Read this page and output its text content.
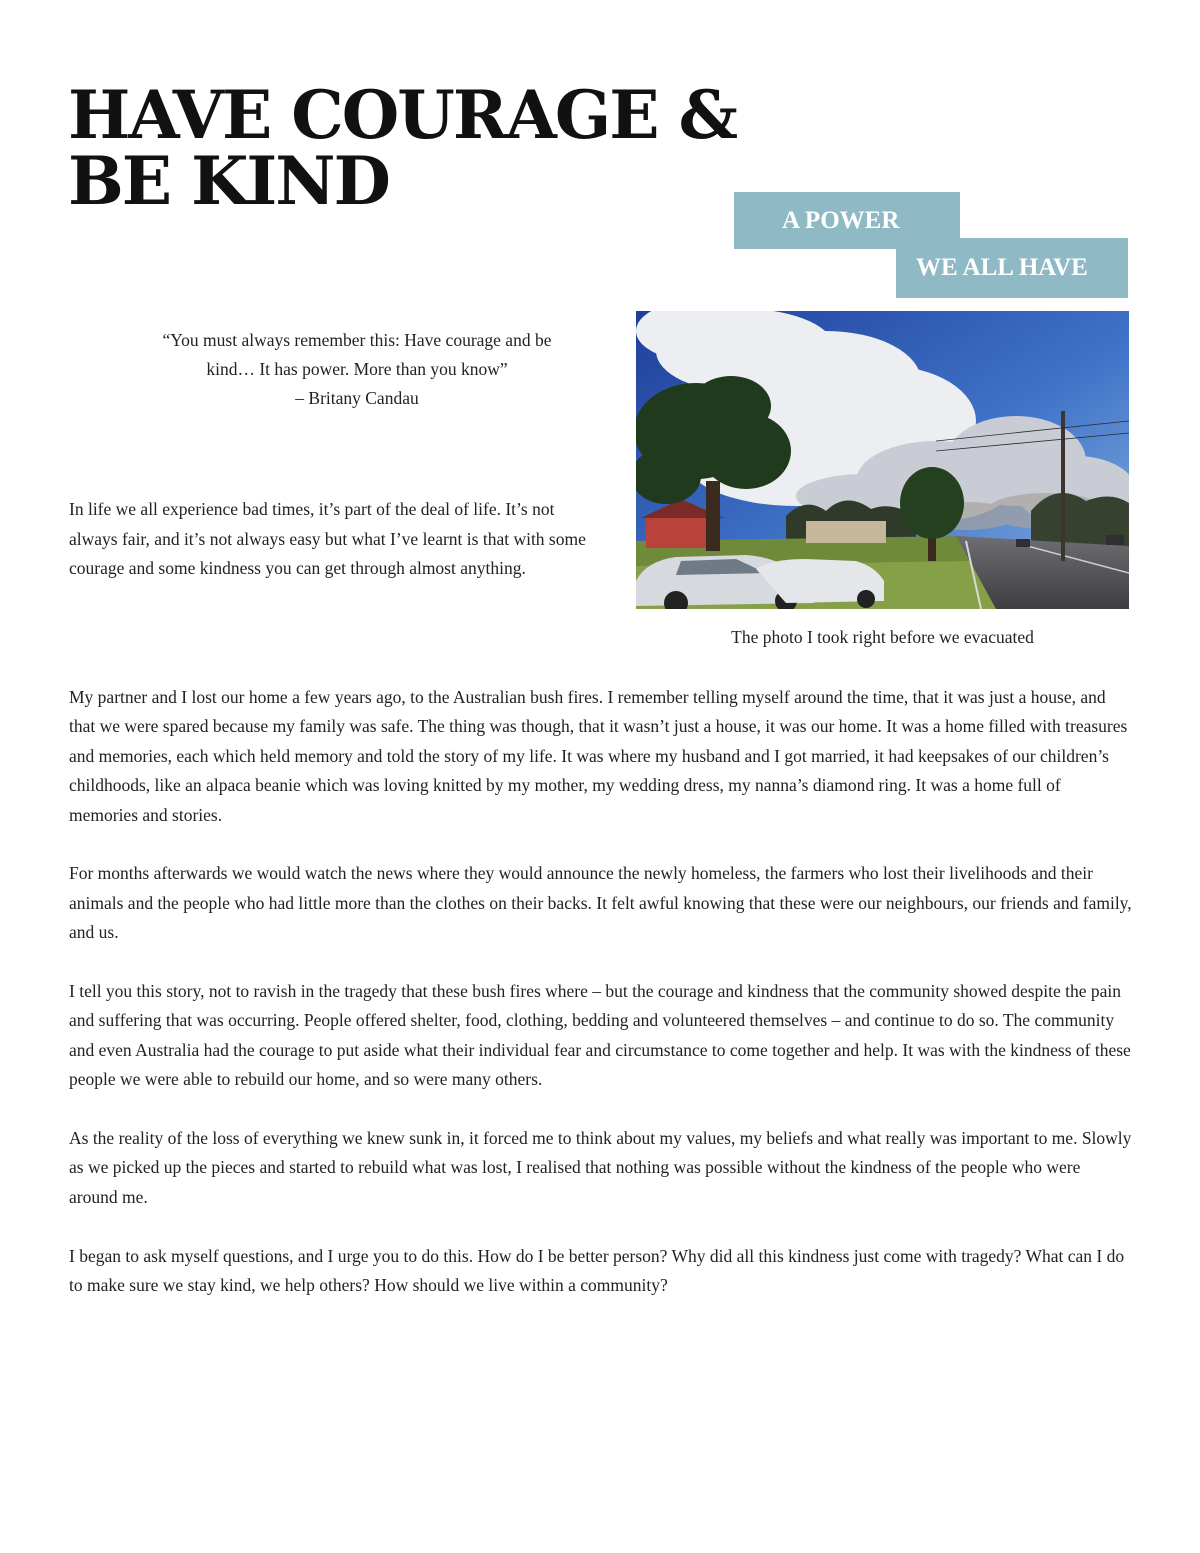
HAVE COURAGE &
BE KIND	A POWER
WE ALL HAVE
“You must always remember this: Have courage and be
kind… It has power. More than you know”
– Britany Candau

In life we all experience bad times, it’s part of the deal of life. It’s not always fair, and it’s not always easy but what I’ve learnt is that with some courage and some kindness you can get through almost anything.

The photo I took right before we evacuated

My partner and I lost our home a few years ago, to the Australian bush fires. I remember telling myself around the time, that it was just a house, and that we were spared because my family was safe. The thing was though, that it wasn’t just a house, it was our home. It was a home filled with treasures and memories, each which held memory and told the story of my life. It was where my husband and I got married, it had keepsakes of our children’s childhoods, like an alpaca beanie which was loving knitted by my mother, my wedding dress, my nanna’s diamond ring. It was a home full of memories and stories.

For months afterwards we would watch the news where they would announce the newly homeless, the farmers who lost their livelihoods and their animals and the people who had little more than the clothes on their backs. It felt awful knowing that these were our neighbours, our friends and family, and us.

I tell you this story, not to ravish in the tragedy that these bush fires where – but the courage and kindness that the community showed despite the pain and suffering that was occurring. People offered shelter, food, clothing, bedding and volunteered themselves – and continue to do so. The community and even Australia had the courage to put aside what their individual fear and circumstance to come together and help. It was with the kindness of these people we were able to rebuild our home, and so were many others.

As the reality of the loss of everything we knew sunk in, it forced me to think about my values, my beliefs and what really was important to me. Slowly as we picked up the pieces and started to rebuild what was lost, I realised that nothing was possible without the kindness of the people who were around me.

I began to ask myself questions, and I urge you to do this. How do I be better person? Why did all this kindness just come with tragedy? What can I do to make sure we stay kind, we help others? How should we live within a community?
